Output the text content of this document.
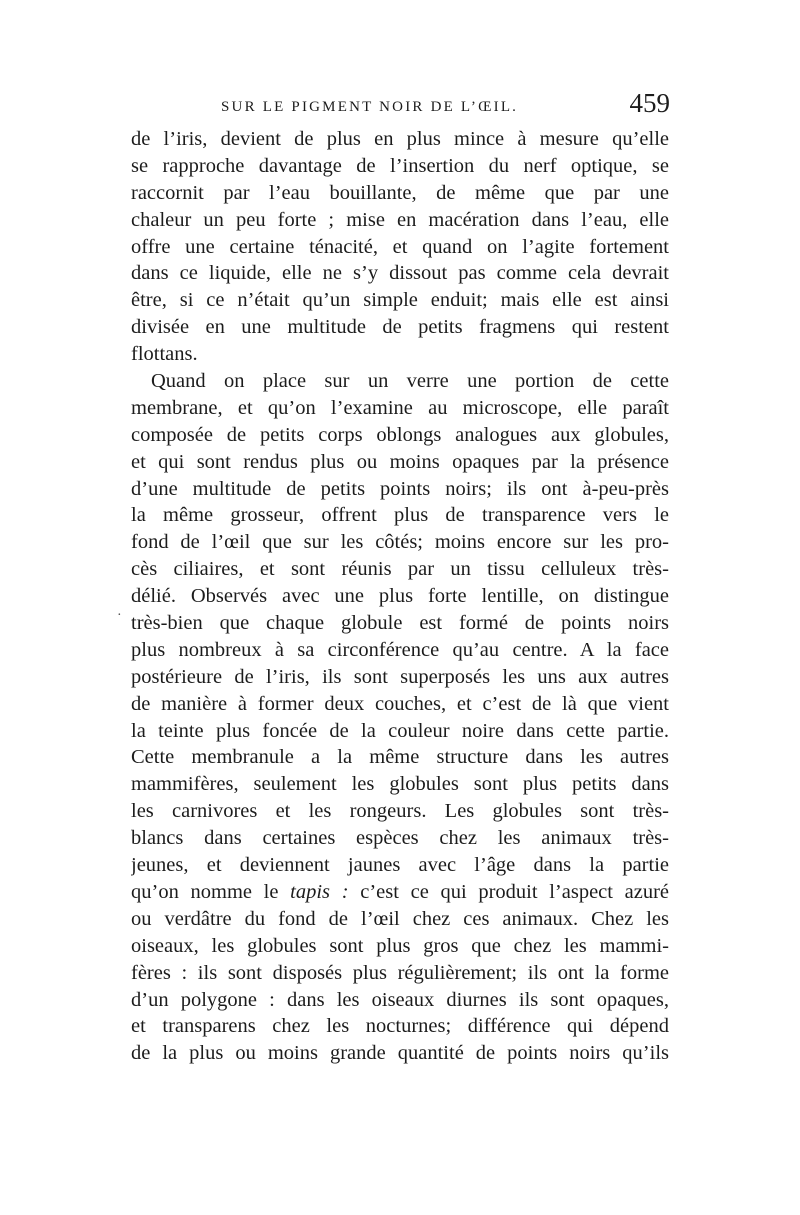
SUR LE PIGMENT NOIR DE L’ŒIL.	459
·
de l’iris, devient de plus en plus mince à mesure qu’elle
se rapproche davantage de l’insertion du nerf optique, se
raccornit par l’eau bouillante, de même que par une
chaleur un peu forte ; mise en macération dans l’eau, elle
offre une certaine ténacité, et quand on l’agite fortement
dans ce liquide, elle ne s’y dissout pas comme cela devrait
être, si ce n’était qu’un simple enduit; mais elle est ainsi
divisée en une multitude de petits fragmens qui restent
flottans.
Quand on place sur un verre une portion de cette
membrane, et qu’on l’examine au microscope, elle paraît
composée de petits corps oblongs analogues aux globules,
et qui sont rendus plus ou moins opaques par la présence
d’une multitude de petits points noirs; ils ont à-peu-près
la même grosseur, offrent plus de transparence vers le
fond de l’œil que sur les côtés; moins encore sur les pro-
cès ciliaires, et sont réunis par un tissu celluleux très-
délié. Observés avec une plus forte lentille, on distingue
très-bien que chaque globule est formé de points noirs
plus nombreux à sa circonférence qu’au centre. A la face
postérieure de l’iris, ils sont superposés les uns aux autres
de manière à former deux couches, et c’est de là que vient
la teinte plus foncée de la couleur noire dans cette partie.
Cette membranule a la même structure dans les autres
mammifères, seulement les globules sont plus petits dans
les carnivores et les rongeurs. Les globules sont très-
blancs dans certaines espèces chez les animaux très-
jeunes, et deviennent jaunes avec l’âge dans la partie
qu’on nomme le tapis : c’est ce qui produit l’aspect azuré
ou verdâtre du fond de l’œil chez ces animaux. Chez les
oiseaux, les globules sont plus gros que chez les mammi-
fères : ils sont disposés plus régulièrement; ils ont la forme
d’un polygone : dans les oiseaux diurnes ils sont opaques,
et transparens chez les nocturnes; différence qui dépend
de la plus ou moins grande quantité de points noirs qu’ils
